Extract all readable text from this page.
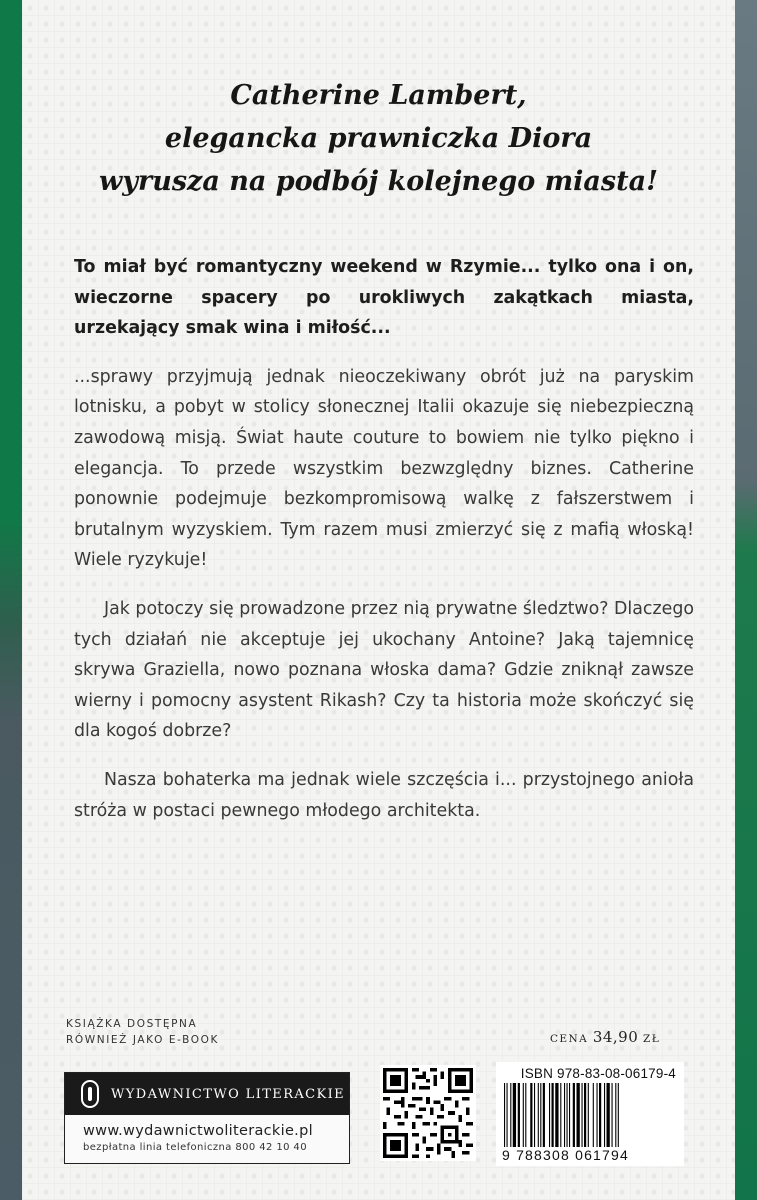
Catherine Lambert,
elegancka prawniczka Diora
wyrusza na podbój kolejnego miasta!

To miał być romantyczny weekend w Rzymie... tylko ona i on, wieczorne spacery po urokliwych zakątkach miasta, urzekający smak wina i miłość...

...sprawy przyjmują jednak nieoczekiwany obrót już na paryskim lotnisku, a pobyt w stolicy słonecznej Italii okazuje się niebezpieczną zawodową misją. Świat haute couture to bowiem nie tylko piękno i elegancja. To przede wszystkim bezwzględny biznes. Catherine ponownie podejmuje bezkompromisową walkę z fałszerstwem i brutalnym wyzyskiem. Tym razem musi zmierzyć się z mafią włoską! Wiele ryzykuje!

Jak potoczy się prowadzone przez nią prywatne śledztwo? Dlaczego tych działań nie akceptuje jej ukochany Antoine? Jaką tajemnicę skrywa Graziella, nowo poznana włoska dama? Gdzie zniknął zawsze wierny i pomocny asystent Rikash? Czy ta historia może skończyć się dla kogoś dobrze?

Nasza bohaterka ma jednak wiele szczęścia i... przystojnego anioła stróża w postaci pewnego młodego architekta.

KSIĄŻKA DOSTĘPNA
RÓWNIEŻ JAKO E-BOOK	CENA 34,90 ZŁ
WYDAWNICTWO LITERACKIE
www.wydawnictwoliterackie.pl
bezpłatna linia telefoniczna 800 42 10 40
ISBN 978-83-08-06179-4
9 788308 061794
